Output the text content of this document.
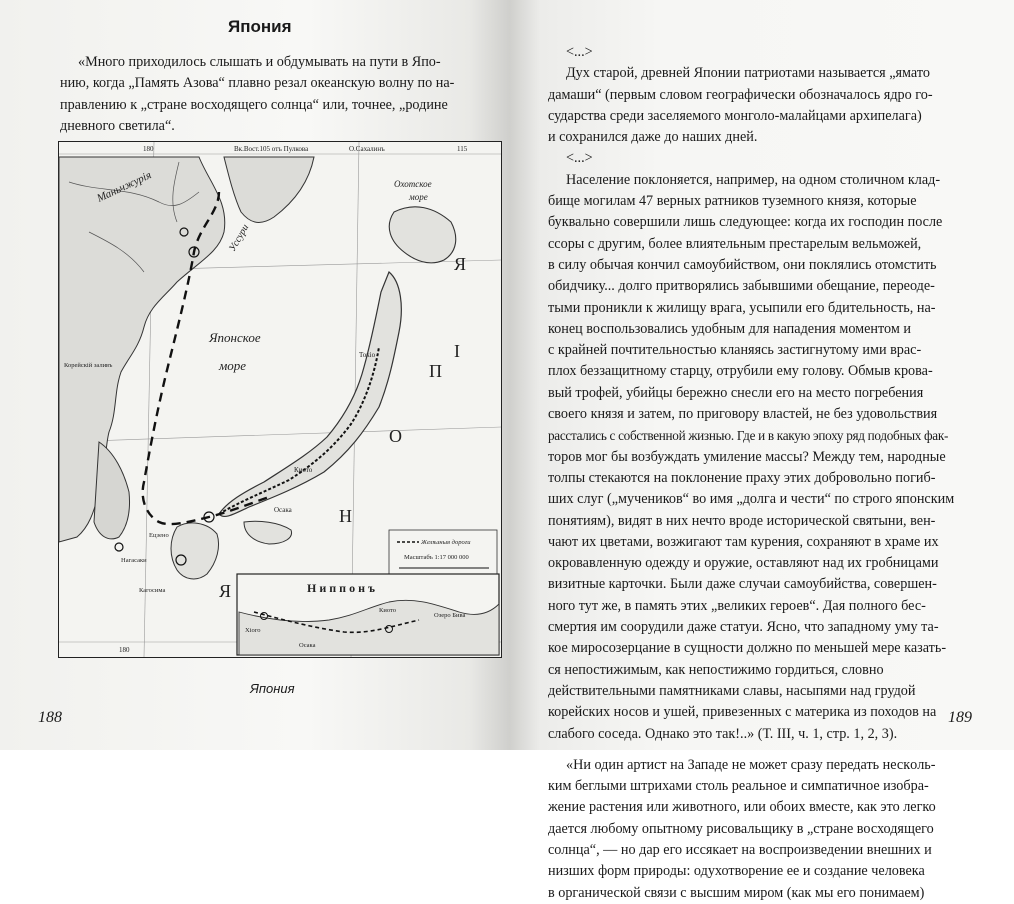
Япония

«Много приходилось слышать и обдумывать на пути в Япо-
нию, когда „Память Азова“ плавно резал океанскую волну по на-
правлению к „стране восходящего солнца“ или, точнее, „родине
дневного светила“.

180	Вк.Вост.105 отъ Пулкова	О.Сахалинъ	115
Японское
море
Я
П
О
Н
I
Я
Охотское
море
Корейскiй заливъ
Токiо
Осака
Киото
Ецзено
Нагасаки
Кагосима
Маньчжурiя
Уссури
Желѣзныя дороги
Масштабъ 1:17 000 000
Н и п п о н ъ
Осака
Киото
Озеро Бива
Хiого
180
Япония
188
<...>
Дух старой, древней Японии патриотами называется „ямато
дамаши“ (первым словом географически обозначалось ядро го-
сударства среди заселяемого монголо-малайцами архипелага)
и сохранился даже до наших дней.
<...>
Население поклоняется, например, на одном столичном клад-
бище могилам 47 верных ратников туземного князя, которые
буквально совершили лишь следующее: когда их господин после
ссоры с другим, более влиятельным престарелым вельможей,
в силу обычая кончил самоубийством, они поклялись отомстить
обидчику... долго притворялись забывшими обещание, переоде-
тыми проникли к жилищу врага, усыпили его бдительность, на-
конец воспользовались удобным для нападения моментом и
с крайней почтительностью кланяясь застигнутому ими врас-
плох беззащитному старцу, отрубили ему голову. Обмыв крова-
вый трофей, убийцы бережно снесли его на место погребения
своего князя и затем, по приговору властей, не без удовольствия
расстались с собственной жизнью. Где и в какую эпоху ряд подобных фак-
торов мог бы возбуждать умиление массы? Между тем, народные
толпы стекаются на поклонение праху этих добровольно погиб-
ших слуг („мучеников“ во имя „долга и чести“ по строго японским
понятиям), видят в них нечто вроде исторической святыни, вен-
чают их цветами, возжигают там курения, сохраняют в храме их
окровавленную одежду и оружие, оставляют над их гробницами
визитные карточки. Были даже случаи самоубийства, совершен-
ного тут же, в память этих „великих героев“. Дая полного бес-
смертия им соорудили даже статуи. Ясно, что западному уму та-
кое миросозерцание в сущности должно по меньшей мере казать-
ся непостижимым, как непостижимо гордиться, словно
действительными памятниками славы, насыпями над грудой
корейских носов и ушей, привезенных с материка из походов на
слабого соседа. Однако это так!..» (Т. III, ч. 1, стр. 1, 2, 3).
«Ни один артист на Западе не может сразу передать нескoль-
ким беглыми штрихами столь реальное и симпатичное изобра-
жение растения или животного, или обоих вместе, как это легко
дается любому опытному рисовальщику в „стране восходящего
солнца“, — но дар его иссякает на воспроизведении внешних и
низших форм природы: одухотворение ее и создание человека
в органической связи с высшим миром (как мы его понимаем)
189
